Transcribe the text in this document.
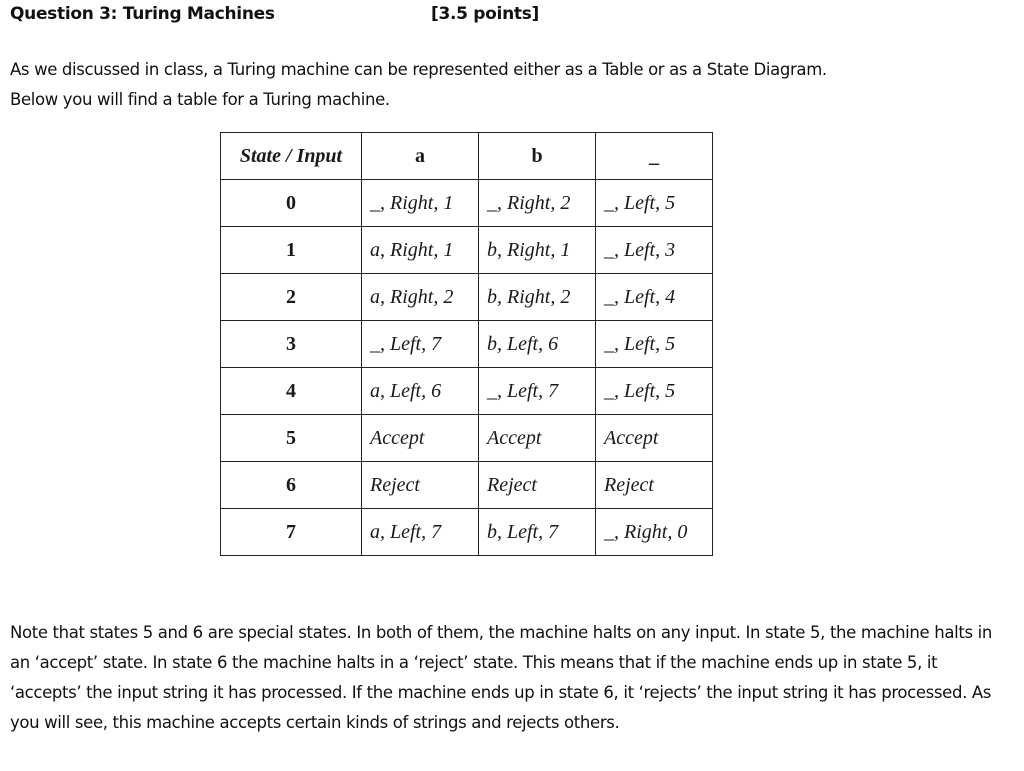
Question 3: Turing Machines	[3.5 points]

As we discussed in class, a Turing machine can be represented either as a Table or as a State Diagram.

Below you will find a table for a Turing machine.

State / Input	a	b	_
0	_, Right, 1	_, Right, 2	_, Left, 5
1	a, Right, 1	b, Right, 1	_, Left, 3
2	a, Right, 2	b, Right, 2	_, Left, 4
3	_, Left, 7	b, Left, 6	_, Left, 5
4	a, Left, 6	_, Left, 7	_, Left, 5
5	Accept	Accept	Accept
6	Reject	Reject	Reject
7	a, Left, 7	b, Left, 7	_, Right, 0

Note that states 5 and 6 are special states. In both of them, the machine halts on any input. In state 5, the machine halts in an ‘accept’ state. In state 6 the machine halts in a ‘reject’ state. This means that if the machine ends up in state 5, it ‘accepts’ the input string it has processed. If the machine ends up in state 6, it ‘rejects’ the input string it has processed. As you will see, this machine accepts certain kinds of strings and rejects others.
